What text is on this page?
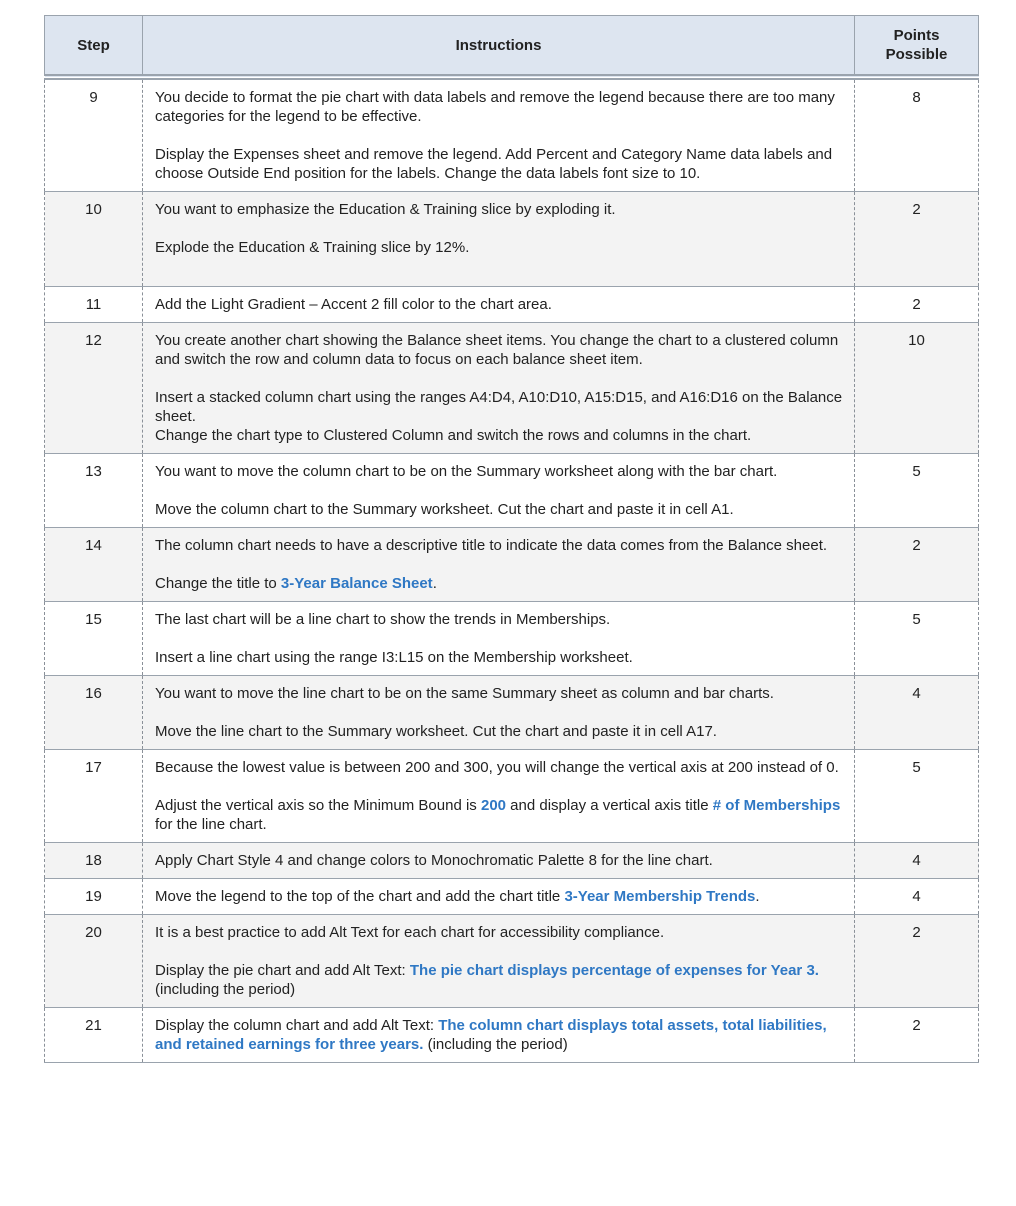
Step	Instructions	Points
Possible
9	You decide to format the pie chart with data labels and remove the legend because there are too many categories for the legend to be effective.

Display the Expenses sheet and remove the legend. Add Percent and Category Name data labels and choose Outside End position for the labels. Change the data labels font size to 10.	8
10	You want to emphasize the Education & Training slice by exploding it.

Explode the Education & Training slice by 12%.	2
11	Add the Light Gradient – Accent 2 fill color to the chart area.	2
12	You create another chart showing the Balance sheet items. You change the chart to a clustered column and switch the row and column data to focus on each balance sheet item.

Insert a stacked column chart using the ranges A4:D4, A10:D10, A15:D15, and A16:D16 on the Balance sheet.
Change the chart type to Clustered Column and switch the rows and columns in the chart.	10
13	You want to move the column chart to be on the Summary worksheet along with the bar chart.

Move the column chart to the Summary worksheet. Cut the chart and paste it in cell A1.	5
14	The column chart needs to have a descriptive title to indicate the data comes from the Balance sheet.

Change the title to 3-Year Balance Sheet.	2
15	The last chart will be a line chart to show the trends in Memberships.

Insert a line chart using the range I3:L15 on the Membership worksheet.	5
16	You want to move the line chart to be on the same Summary sheet as column and bar charts.

Move the line chart to the Summary worksheet. Cut the chart and paste it in cell A17.	4
17	Because the lowest value is between 200 and 300, you will change the vertical axis at 200 instead of 0.

Adjust the vertical axis so the Minimum Bound is 200 and display a vertical axis title # of Memberships for the line chart.	5
18	Apply Chart Style 4 and change colors to Monochromatic Palette 8 for the line chart.	4
19	Move the legend to the top of the chart and add the chart title 3-Year Membership Trends.	4
20	It is a best practice to add Alt Text for each chart for accessibility compliance.

Display the pie chart and add Alt Text: The pie chart displays percentage of expenses for Year 3. (including the period)	2
21	Display the column chart and add Alt Text: The column chart displays total assets, total liabilities, and retained earnings for three years. (including the period)	2
